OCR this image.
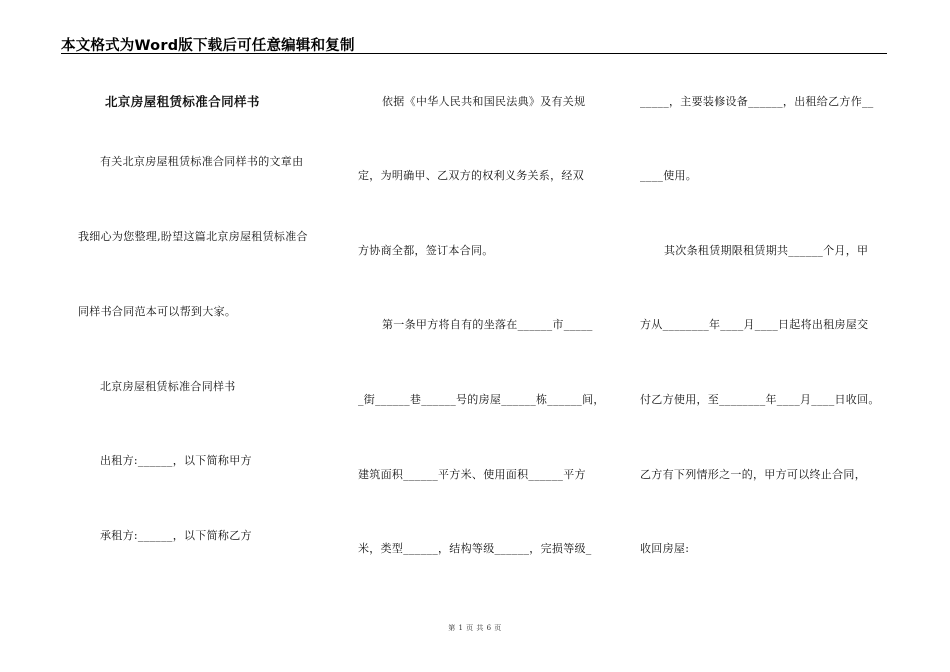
本文格式为Word版下载后可任意编辑和复制
北京房屋租赁标准合同样书
有关北京房屋租赁标准合同样书的文章由
我细心为您整理,盼望这篇北京房屋租赁标准合
同样书合同范本可以帮到大家。
北京房屋租赁标准合同样书
出租方:______，以下简称甲方
承租方:______，以下简称乙方
依据《中华人民共和国民法典》及有关规
定，为明确甲、乙双方的权利义务关系，经双
方协商全都，签订本合同。
第一条甲方将自有的坐落在______市_____
_街______巷______号的房屋______栋______间，
建筑面积______平方米、使用面积______平方
米，类型______，结构等级______，完损等级_
_____，主要装修设备______，出租给乙方作__
____使用。
其次条租赁期限租赁期共______个月，甲
方从________年____月____日起将出租房屋交
付乙方使用，至________年____月____日收回。
乙方有下列情形之一的，甲方可以终止合同，
收回房屋:
第 1 页 共 6 页
